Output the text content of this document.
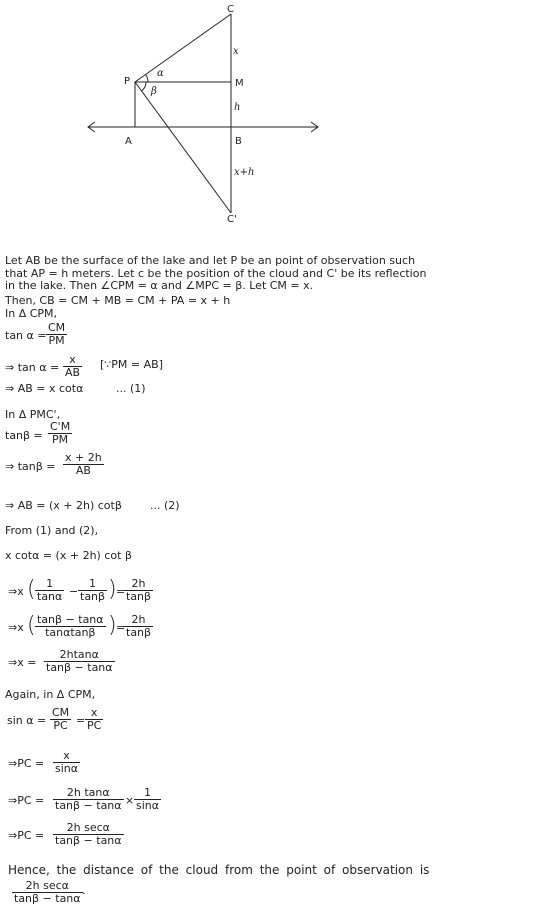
C
P	M
A	B
C'
x
h
x+h
α
β
Let AB be the surface of the lake and let P be an point of observation such that AP = h meters. Let c be the position of the cloud and C' be its reflection in the lake. Then ∠CPM = α and ∠MPC = β. Let CM = x.
Then, CB = CM + MB = CM + PA = x + h
In Δ CPM,
$\tan \alpha = \frac{CM}{PM}$
⇒ $\tan \alpha = \frac{x}{AB}$ [∵PM = AB]
⇒ AB = x cotα	... (1)
In Δ PMC',
$\tan\beta = \frac{C'M}{PM}$
⇒ $\tan\beta = \frac{x + 2h}{AB}$
⇒ AB = (x + 2h) cotβ	... (2)
From (1) and (2),
x cotα = (x + 2h) cot β
⇒x ( $\frac{1}{\tan\alpha} - \frac{1}{\tan\beta}$ ) =
$\frac{2h}{\tan\beta}$
⇒x ( $\frac{\tan\beta - \tan\alpha}{\tan\alpha\tan\beta}$ ) =
$\frac{2h}{\tan\beta}$
⇒x = $\frac{2htan\alpha}{\tan\beta - \tan\alpha}$
Again, in Δ CPM,
$\sin \alpha = \frac{CM}{PC} = \frac{x}{PC}$
⇒PC = $\frac{x}{\sin\alpha}$
⇒PC = $\frac{\text{2h tanα}}{\tan\beta - \tan\alpha} \times \frac{1}{\sin\alpha}$
⇒PC =
2h secα
tanβ − tanα
Hence, the distance of the cloud from the point of observation is
2h secα
tanβ − tanα
.
